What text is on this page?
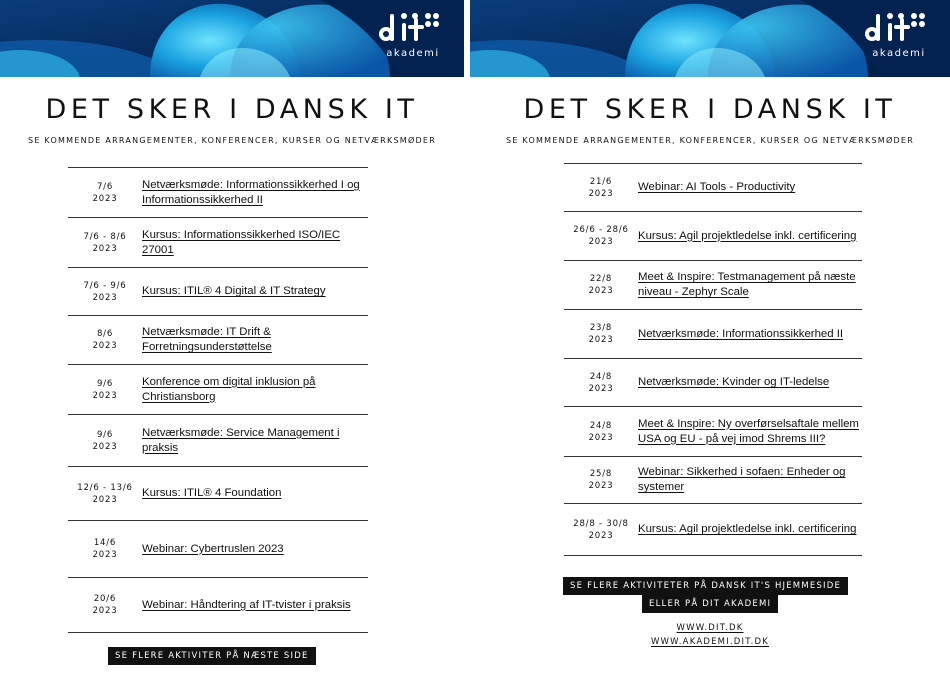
akademi
DET SKER I DANSK IT

SE KOMMENDE ARRANGEMENTER, KONFERENCER, KURSER OG NETVÆRKSMØDER

7/6
2023
Netværksmøde: Informationssikkerhed I og Informationssikkerhed II
7/6 - 8/6
2023
Kursus: Informationssikkerhed ISO/IEC 27001
7/6 - 9/6
2023
Kursus: ITIL® 4 Digital & IT Strategy
8/6
2023
Netværksmøde: IT Drift & Forretningsunderstøttelse
9/6
2023
Konference om digital inklusion på Christiansborg
9/6
2023
Netværksmøde: Service Management i praksis
12/6 - 13/6
2023
Kursus: ITIL® 4 Foundation
14/6
2023
Webinar: Cybertruslen 2023
20/6
2023
Webinar: Håndtering af IT-tvister i praksis
SE FLERE AKTIVITER PÅ NÆSTE SIDE
akademi
DET SKER I DANSK IT

SE KOMMENDE ARRANGEMENTER, KONFERENCER, KURSER OG NETVÆRKSMØDER

21/6
2023
Webinar: AI Tools - Productivity
26/6 - 28/6
2023
Kursus: Agil projektledelse inkl. certificering
22/8
2023
Meet & Inspire: Testmanagement på næste niveau - Zephyr Scale
23/8
2023
Netværksmøde: Informationssikkerhed II
24/8
2023
Netværksmøde: Kvinder og IT-ledelse
24/8
2023
Meet & Inspire: Ny overførselsaftale mellem USA og EU - på vej imod Shrems III?
25/8
2023
Webinar: Sikkerhed i sofaen: Enheder og systemer
28/8 - 30/8
2023
Kursus: Agil projektledelse inkl. certificering
SE FLERE AKTIVITETER PÅ DANSK IT'S HJEMMESIDE
ELLER PÅ DIT AKADEMI
WWW.DIT.DK
WWW.AKADEMI.DIT.DK
